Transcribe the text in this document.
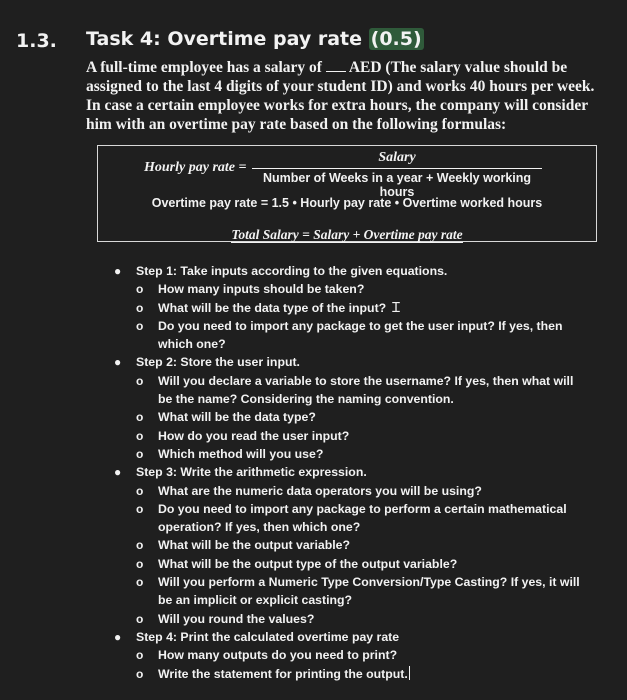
1.3. Task 4: Overtime pay rate (0.5)
A full-time employee has a salary of AED (The salary value should be assigned to the last 4 digits of your student ID) and works 40 hours per week. In case a certain employee works for extra hours, the company will consider him with an overtime pay rate based on the following formulas:
Hourly pay rate =
Salary
Number of Weeks in a year + Weekly working hours
Overtime pay rate = 1.5 • Hourly pay rate • Overtime worked hours
Total Salary = Salary + Overtime pay rate
● Step 1: Take inputs according to the given equations.
o How many inputs should be taken?
o What will be the data type of the input? Ɪ
o Do you need to import any package to get the user input? If yes, then which one?
● Step 2: Store the user input.
o Will you declare a variable to store the username? If yes, then what will be the name? Considering the naming convention.
o What will be the data type?
o How do you read the user input?
o Which method will you use?
● Step 3: Write the arithmetic expression.
o What are the numeric data operators you will be using?
o Do you need to import any package to perform a certain mathematical operation? If yes, then which one?
o What will be the output variable?
o What will be the output type of the output variable?
o Will you perform a Numeric Type Conversion/Type Casting? If yes, it will be an implicit or explicit casting?
o Will you round the values?
● Step 4: Print the calculated overtime pay rate
o How many outputs do you need to print?
o Write the statement for printing the output.
